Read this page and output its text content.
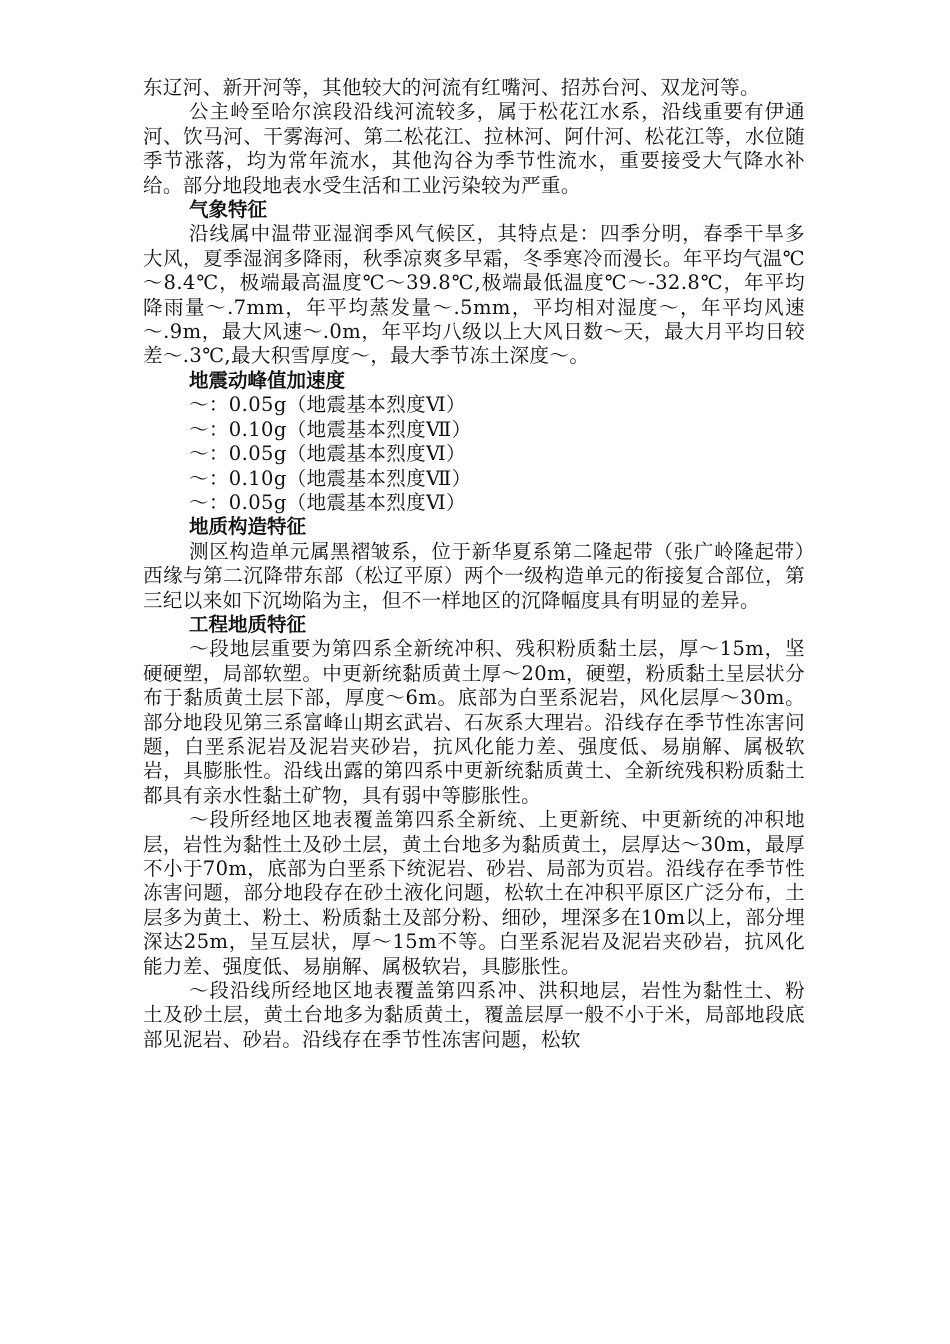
东辽河、新开河等，其他较大的河流有红嘴河、招苏台河、双龙河等。

公主岭至哈尔滨段沿线河流较多，属于松花江水系，沿线重要有伊通河、饮马河、干雾海河、第二松花江、拉林河、阿什河、松花江等，水位随季节涨落，均为常年流水，其他沟谷为季节性流水，重要接受大气降水补给。部分地段地表水受生活和工业污染较为严重。

气象特征

沿线属中温带亚湿润季风气候区，其特点是：四季分明，春季干旱多大风，夏季湿润多降雨，秋季凉爽多早霜，冬季寒冷而漫长。年平均气温℃～8.4℃，极端最高温度℃～39.8℃,极端最低温度℃～-32.8℃，年平均降雨量～.7mm，年平均蒸发量～.5mm，平均相对湿度～，年平均风速～.9m，最大风速～.0m，年平均八级以上大风日数～天，最大月平均日较差～.3℃,最大积雪厚度～，最大季节冻土深度～。

地震动峰值加速度

～：0.05g（地震基本烈度Ⅵ）

～：0.10g（地震基本烈度Ⅶ）

～：0.05g（地震基本烈度Ⅵ）

～：0.10g（地震基本烈度Ⅶ）

～：0.05g（地震基本烈度Ⅵ）

地质构造特征

测区构造单元属黑褶皱系，位于新华夏系第二隆起带（张广岭隆起带）西缘与第二沉降带东部（松辽平原）两个一级构造单元的衔接复合部位，第三纪以来如下沉坳陷为主，但不一样地区的沉降幅度具有明显的差异。

工程地质特征

～段地层重要为第四系全新统冲积、残积粉质黏土层，厚～15m，坚硬硬塑，局部软塑。中更新统黏质黄土厚～20m，硬塑，粉质黏土呈层状分布于黏质黄土层下部，厚度～6m。底部为白垩系泥岩，风化层厚～30m。部分地段见第三系富峰山期玄武岩、石灰系大理岩。沿线存在季节性冻害问题，白垩系泥岩及泥岩夹砂岩，抗风化能力差、强度低、易崩解、属极软岩，具膨胀性。沿线出露的第四系中更新统黏质黄土、全新统残积粉质黏土都具有亲水性黏土矿物，具有弱中等膨胀性。

～段所经地区地表覆盖第四系全新统、上更新统、中更新统的冲积地层，岩性为黏性土及砂土层，黄土台地多为黏质黄土，层厚达～30m，最厚不小于70m，底部为白垩系下统泥岩、砂岩、局部为页岩。沿线存在季节性冻害问题，部分地段存在砂土液化问题，松软土在冲积平原区广泛分布，土层多为黄土、粉土、粉质黏土及部分粉、细砂，埋深多在10m以上，部分埋深达25m，呈互层状，厚～15m不等。白垩系泥岩及泥岩夹砂岩，抗风化能力差、强度低、易崩解、属极软岩，具膨胀性。

～段沿线所经地区地表覆盖第四系冲、洪积地层，岩性为黏性土、粉土及砂土层，黄土台地多为黏质黄土，覆盖层厚一般不小于米，局部地段底部见泥岩、砂岩。沿线存在季节性冻害问题，松软
